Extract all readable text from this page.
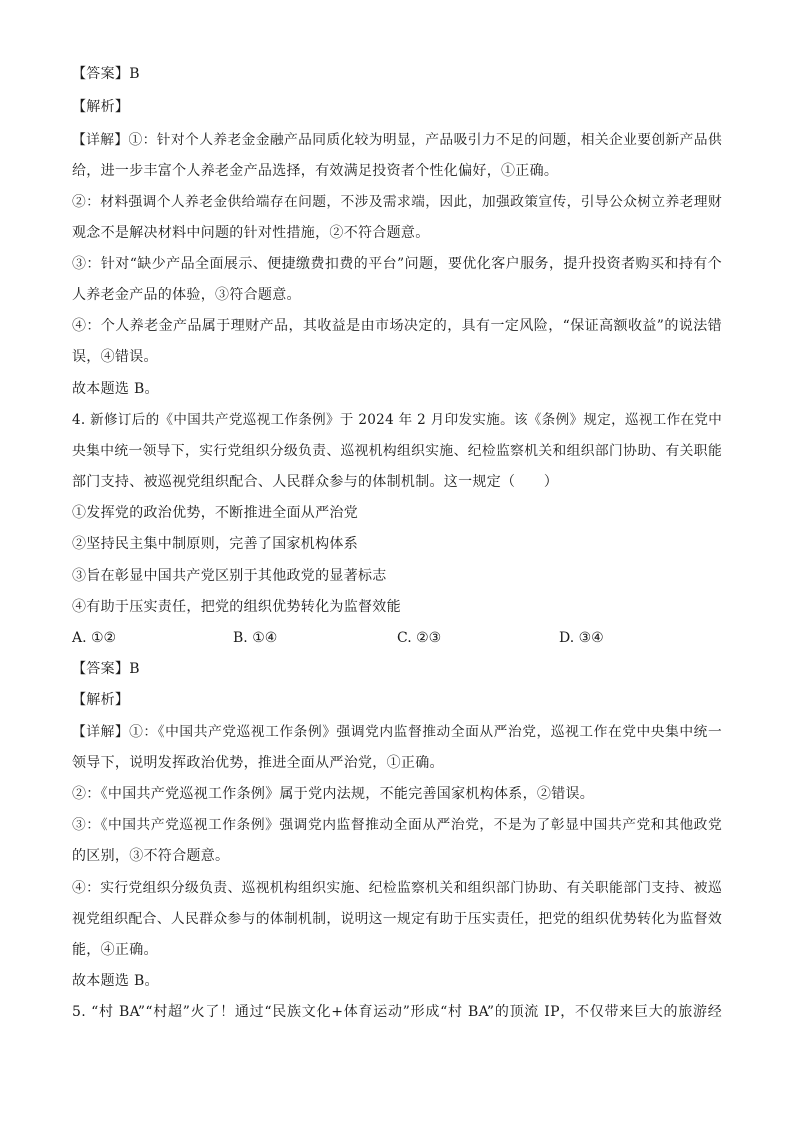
【答案】B
【解析】
【详解】①：针对个人养老金金融产品同质化较为明显，产品吸引力不足的问题，相关企业要创新产品供
给，进一步丰富个人养老金产品选择，有效满足投资者个性化偏好，①正确。
②：材料强调个人养老金供给端存在问题，不涉及需求端，因此，加强政策宣传，引导公众树立养老理财
观念不是解决材料中问题的针对性措施，②不符合题意。
③：针对“缺少产品全面展示、便捷缴费扣费的平台”问题，要优化客户服务，提升投资者购买和持有个
人养老金产品的体验，③符合题意。
④：个人养老金产品属于理财产品，其收益是由市场决定的，具有一定风险，“保证高额收益”的说法错
误，④错误。
故本题选 B。
4. 新修订后的《中国共产党巡视工作条例》于 2024 年 2 月印发实施。该《条例》规定，巡视工作在党中
央集中统一领导下，实行党组织分级负责、巡视机构组织实施、纪检监察机关和组织部门协助、有关职能
部门支持、被巡视党组织配合、人民群众参与的体制机制。这一规定（　　）
①发挥党的政治优势，不断推进全面从严治党
②坚持民主集中制原则，完善了国家机构体系
③旨在彰显中国共产党区别于其他政党的显著标志
④有助于压实责任，把党的组织优势转化为监督效能
A. ①②	B. ①④	C. ②③	D. ③④
【答案】B
【解析】
【详解】①：《中国共产党巡视工作条例》强调党内监督推动全面从严治党，巡视工作在党中央集中统一
领导下，说明发挥政治优势，推进全面从严治党，①正确。
②：《中国共产党巡视工作条例》属于党内法规，不能完善国家机构体系，②错误。
③：《中国共产党巡视工作条例》强调党内监督推动全面从严治党，不是为了彰显中国共产党和其他政党
的区别，③不符合题意。
④：实行党组织分级负责、巡视机构组织实施、纪检监察机关和组织部门协助、有关职能部门支持、被巡
视党组织配合、人民群众参与的体制机制，说明这一规定有助于压实责任，把党的组织优势转化为监督效
能，④正确。
故本题选 B。
5. “村 BA”“村超”火了！通过“民族文化+体育运动”形成“村 BA”的顶流 IP，不仅带来巨大的旅游经
